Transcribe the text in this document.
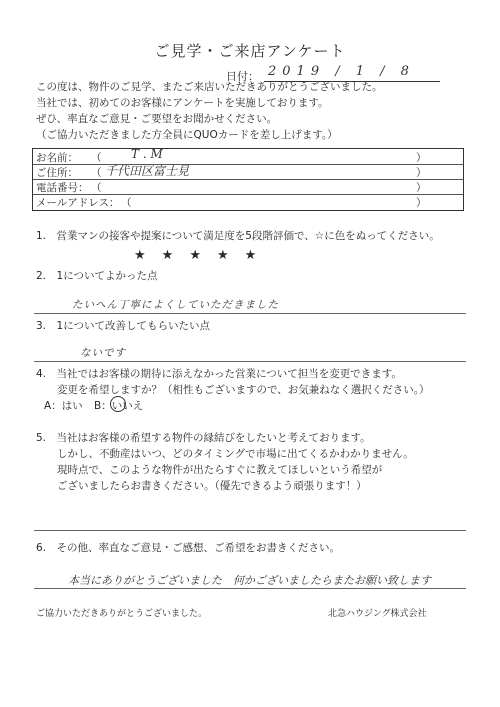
ご見学・ご来店アンケート
日付： 2019 / 1 / 8
この度は、物件のご見学、またご来店いただきありがとうございました。
当社では、初めてのお客様にアンケートを実施しております。
ぜひ、率直なご意見・ご要望をお聞かせください。
（ご協力いただきました方全員にQUOカードを差し上げます。）
お名前： （ T . M	）
ご住所： （ 千代田区富士見	）
電話番号： （	）
メールアドレス： （	）
1.　営業マンの接客や提案について満足度を5段階評価で、☆に色をぬってください。
★ ★ ★ ★ ★
2.　1についてよかった点
たいへん丁寧によくしていただきました
3.　1について改善してもらいたい点
ないです
4.　当社ではお客様の期待に添えなかった営業について担当を変更できます。
変更を希望しますか？（相性もございますので、お気兼ねなく選択ください。）
A：はい B：いいえ
5.　当社はお客様の希望する物件の縁結びをしたいと考えております。
しかし、不動産はいつ、どのタイミングで市場に出てくるかわかりません。
現時点で、このような物件が出たらすぐに教えてほしいという希望が
ございましたらお書きください。（優先できるよう頑張ります！）
6.　その他、率直なご意見・ご感想、ご希望をお書きください。
本当にありがとうございました　何かございましたらまたお願い致します
ご協力いただきありがとうございました。	北急ハウジング株式会社
